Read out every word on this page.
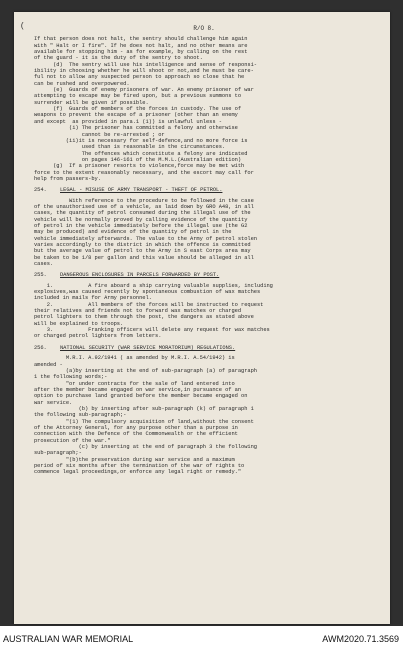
(	R/O 8.
If that person does not halt, the sentry should challenge him again
with " Halt or I fire". If he does not halt, and no other means are
available for stopping him - as for example, by calling on the rest
of the guard - it is the duty of the sentry to shoot.
(d)  The sentry will use his intelligence and sense of responsi-
ibility in choosing whether he will shoot or not,and he must be care-
ful not to allow any suspected person to approach so close that he
can be rushed and overpowered.
(e)  Guards of enemy prisoners of war. An enemy prisoner of war
attempting to escape may be fired upon, but a previous summons to
surrender will be given if possible.
(f)  Guards of members of the forces in custody. The use of
weapons to prevent the escape of a prisoner (other than an enemy
and except  as provided in para.1 (1)) is unlawful unless -
(i) The prisoner has committed a felony and otherwise
cannot be re-arrested ; or
(ii)it is necessary for self-defence,and no more force is
used than is reasonable in the circumstances.
The offences which constitute a felony are indicated
on pages 146-161 of the M.M.L.(Australian edition)
(g)  If a prisoner resorts to violence,force may be met with
force to the extent reasonably necessary, and the escort may call for
help from passers-by.
254. LEGAL - MISUSE OF ARMY TRANSPORT - THEFT OF PETROL.
With reference to the procedure to be followed in the case
of the unauthorised use of a vehicle, as laid down by GRO A48, in all
cases, the quantity of petrol consumed during the illegal use of the
vehicle will be normally proved by calling evidence of the quantity
of petrol in the vehicle immediately before the illegal use (the G2
may be produced) and evidence of the quantity of petrol in the
vehicle immediately afterwards. The value to the Army of petrol stolen
varies accordingly to the district in which the offence is committed
but the average value of petrol to the Army in S east Corps area may
be taken to be 1/8 per gallon and this value should be alleged in all
cases.
255. DANGEROUS ENCLOSURES IN PARCELS FORWARDED BY POST.
1.           A fire aboard a ship carrying valuable supplies, including
explosives,was caused recently by spontaneous combustion of wax matches
included in mails for Army personnel.
2.           All members of the forces will be instructed to request
their relatives and friends not to forward wax matches or charged
petrol lighters to them through the post, the dangers as stated above
will be explained to troops.
3.           Franking officers will delete any request for wax matches
or charged petrol lighters from letters.
256. NATIONAL SECURITY (WAR SERVICE MORATORIUM) REGULATIONS.
M.R.I. A.92/1941 ( as amended by M.R.I. A.54/1942) is
amended -
(a)by inserting at the end of sub-paragraph (a) of paragraph
1 the following words;-
"or under contracts for the sale of land entered into
after the member became engaged on war service,in pursuance of an
option to purchase land granted before the member became engaged on
war service.
(b) by inserting after sub-paragraph (k) of paragraph 1
the following sub-paragraph;-
"(1) The compulsory acquisition of land,without the consent
of the Attorney General, for any purpose other than a purpose in
connection with the Defence of the Commonwealth or the efficient
prosecution of the war."
(c) by inserting at the end of paragraph 3 the following
sub-paragraph;-
"(b)the preservation during war service and a maximum
period of six months after the termination of the war of rights to
commence legal proceedings,or enforce any legal right or remedy."
AUSTRALIAN WAR MEMORIAL	AWM2020.71.3569
